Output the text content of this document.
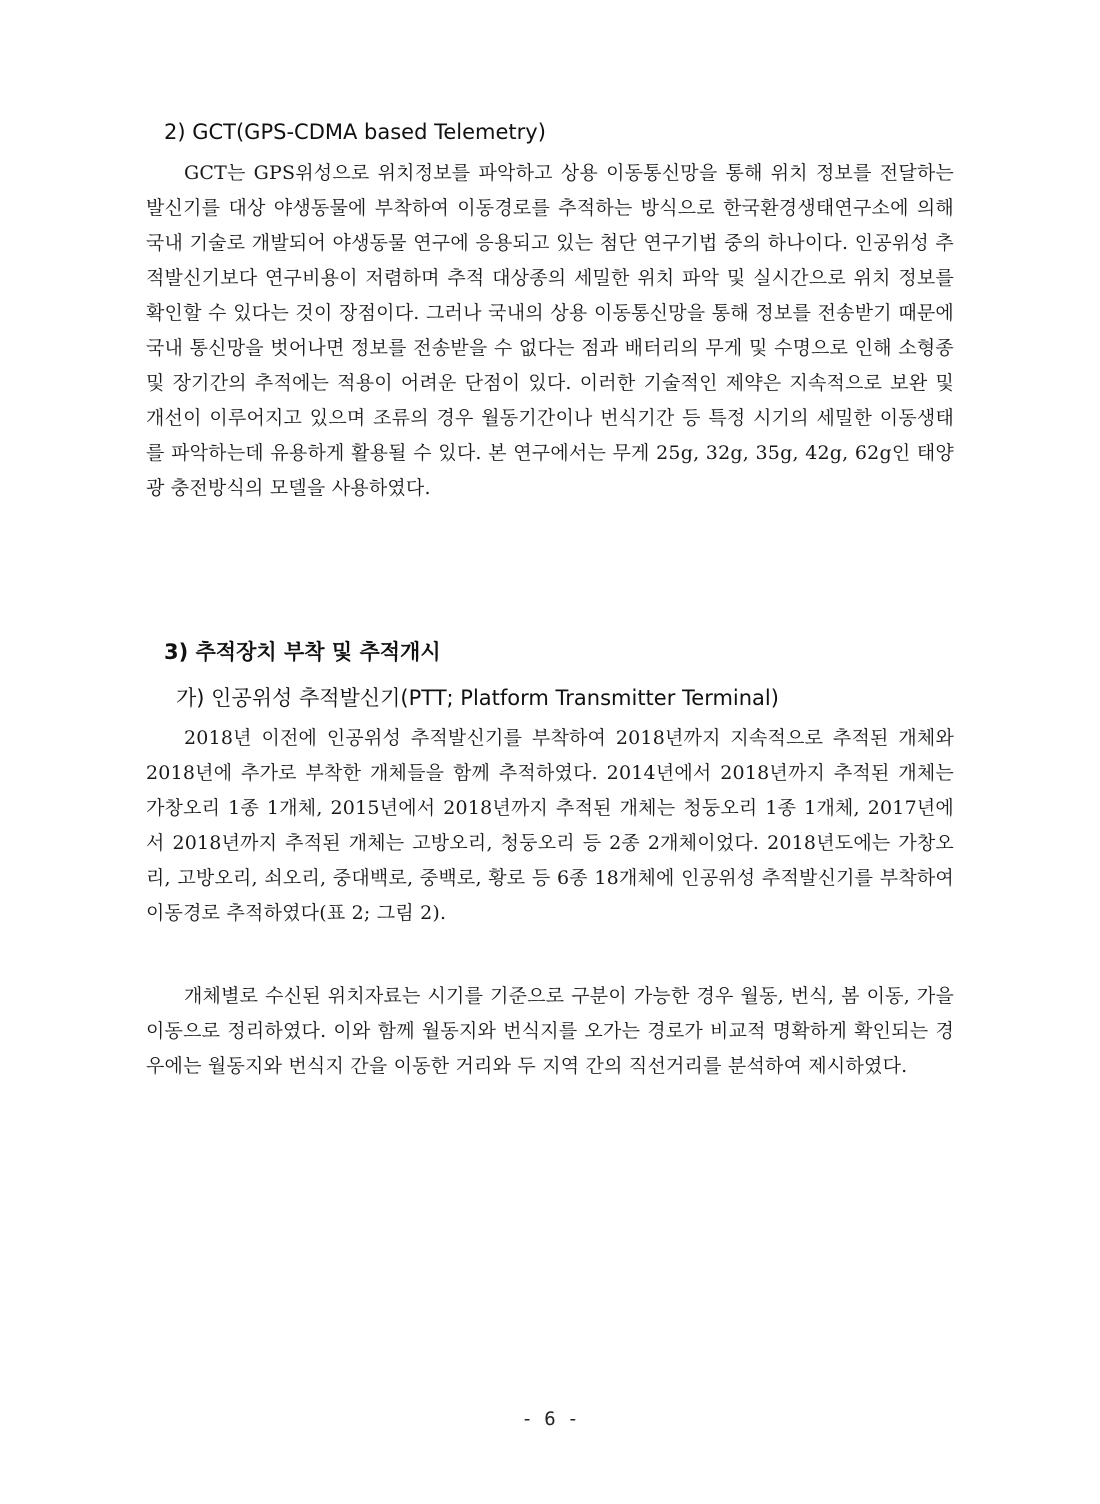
2) GCT(GPS-CDMA based Telemetry)

GCT는 GPS위성으로 위치정보를 파악하고 상용 이동통신망을 통해 위치 정보를 전달하는 발신기를 대상 야생동물에 부착하여 이동경로를 추적하는 방식으로 한국환경생태연구소에 의해 국내 기술로 개발되어 야생동물 연구에 응용되고 있는 첨단 연구기법 중의 하나이다. 인공위성 추적발신기보다 연구비용이 저렴하며 추적 대상종의 세밀한 위치 파악 및 실시간으로 위치 정보를 확인할 수 있다는 것이 장점이다. 그러나 국내의 상용 이동통신망을 통해 정보를 전송받기 때문에 국내 통신망을 벗어나면 정보를 전송받을 수 없다는 점과 배터리의 무게 및 수명으로 인해 소형종 및 장기간의 추적에는 적용이 어려운 단점이 있다. 이러한 기술적인 제약은 지속적으로 보완 및 개선이 이루어지고 있으며 조류의 경우 월동기간이나 번식기간 등 특정 시기의 세밀한 이동생태를 파악하는데 유용하게 활용될 수 있다. 본 연구에서는 무게 25g, 32g, 35g, 42g, 62g인 태양광 충전방식의 모델을 사용하였다.

3) 추적장치 부착 및 추적개시
가) 인공위성 추적발신기(PTT; Platform Transmitter Terminal)

2018년 이전에 인공위성 추적발신기를 부착하여 2018년까지 지속적으로 추적된 개체와 2018년에 추가로 부착한 개체들을 함께 추적하였다. 2014년에서 2018년까지 추적된 개체는 가창오리 1종 1개체, 2015년에서 2018년까지 추적된 개체는 청둥오리 1종 1개체, 2017년에서 2018년까지 추적된 개체는 고방오리, 청둥오리 등 2종 2개체이었다. 2018년도에는 가창오리, 고방오리, 쇠오리, 중대백로, 중백로, 황로 등 6종 18개체에 인공위성 추적발신기를 부착하여 이동경로 추적하였다(표 2; 그림 2).

개체별로 수신된 위치자료는 시기를 기준으로 구분이 가능한 경우 월동, 번식, 봄 이동, 가을 이동으로 정리하였다. 이와 함께 월동지와 번식지를 오가는 경로가 비교적 명확하게 확인되는 경우에는 월동지와 번식지 간을 이동한 거리와 두 지역 간의 직선거리를 분석하여 제시하였다.

- 6 -
